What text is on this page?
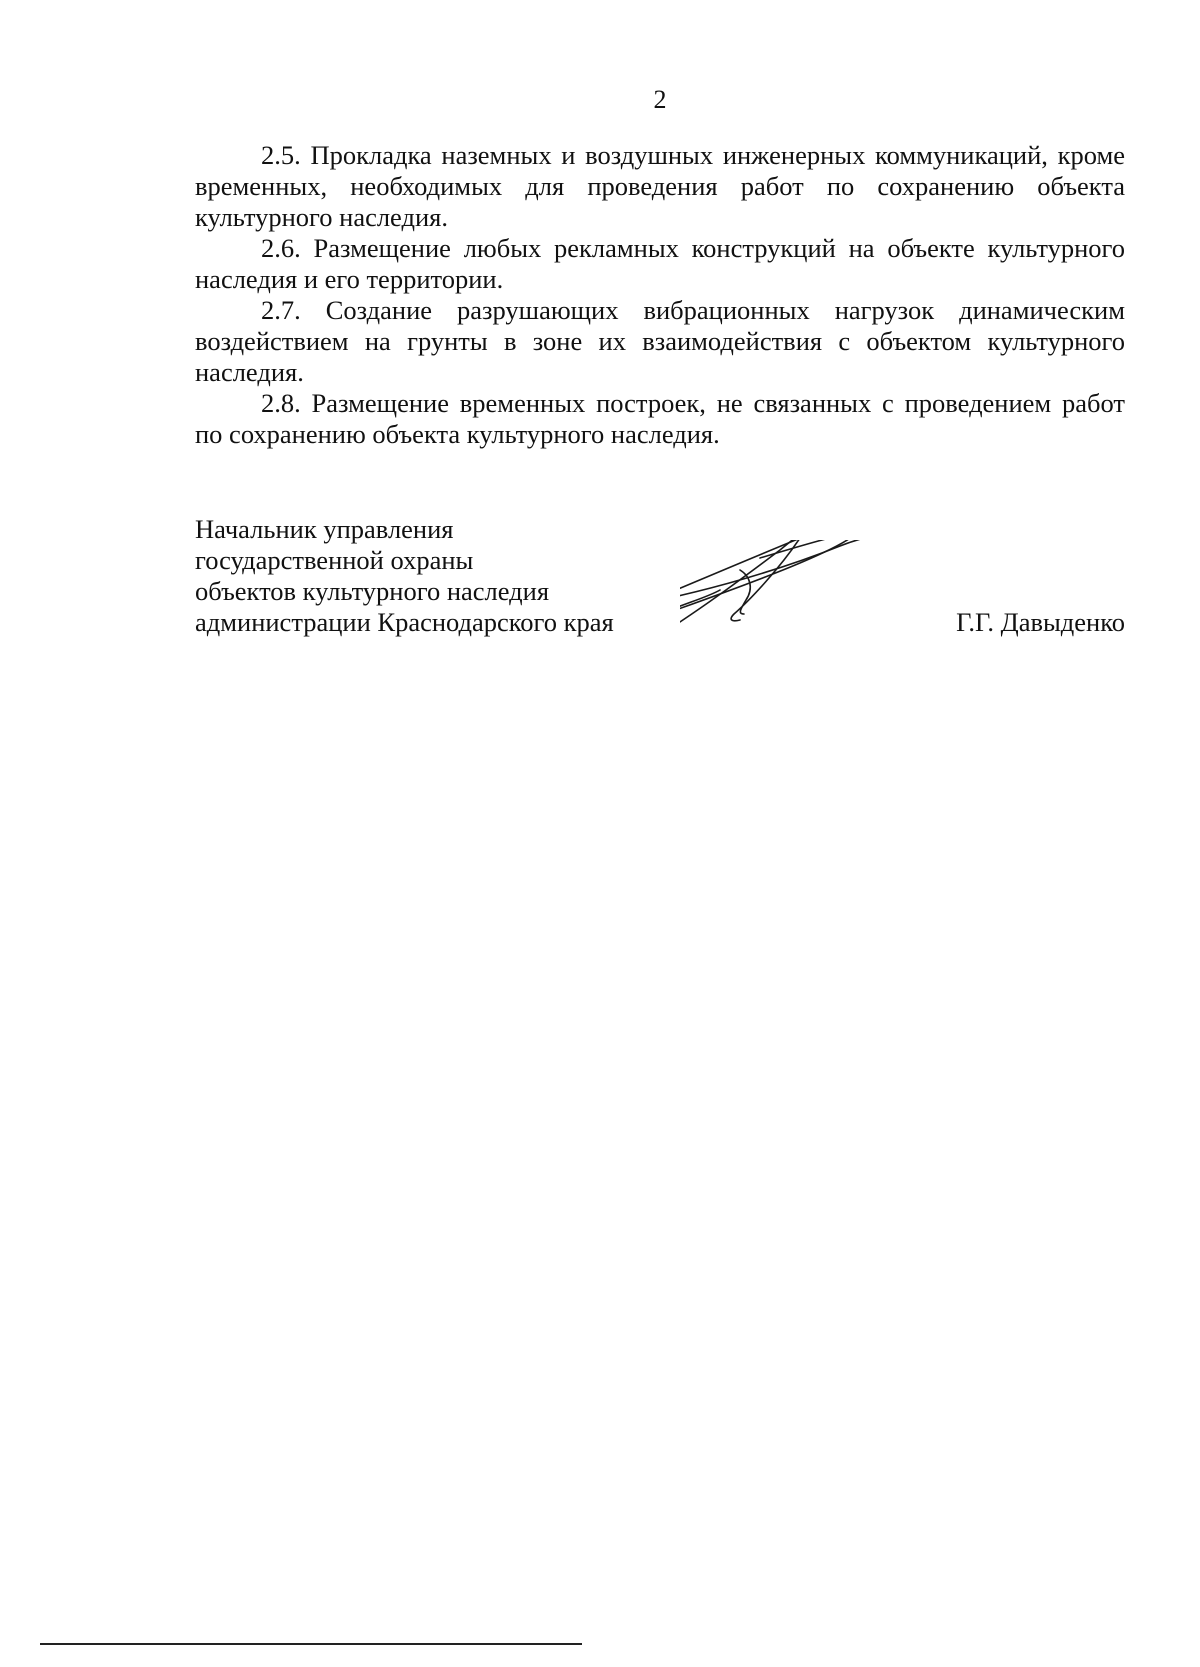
2

2.5. Прокладка наземных и воздушных инженерных коммуникаций, кроме временных, необходимых для проведения работ по сохранению объекта культурного наследия.

2.6. Размещение любых рекламных конструкций на объекте культурного наследия и его территории.

2.7. Создание разрушающих вибрационных нагрузок динамическим воздействием на грунты в зоне их взаимодействия с объектом культурного наследия.

2.8. Размещение временных построек, не связанных с проведением работ по сохранению объекта культурного наследия.

Начальник управления
государственной охраны
объектов культурного наследия
администрации Краснодарского края	Г.Г. Давыденко
